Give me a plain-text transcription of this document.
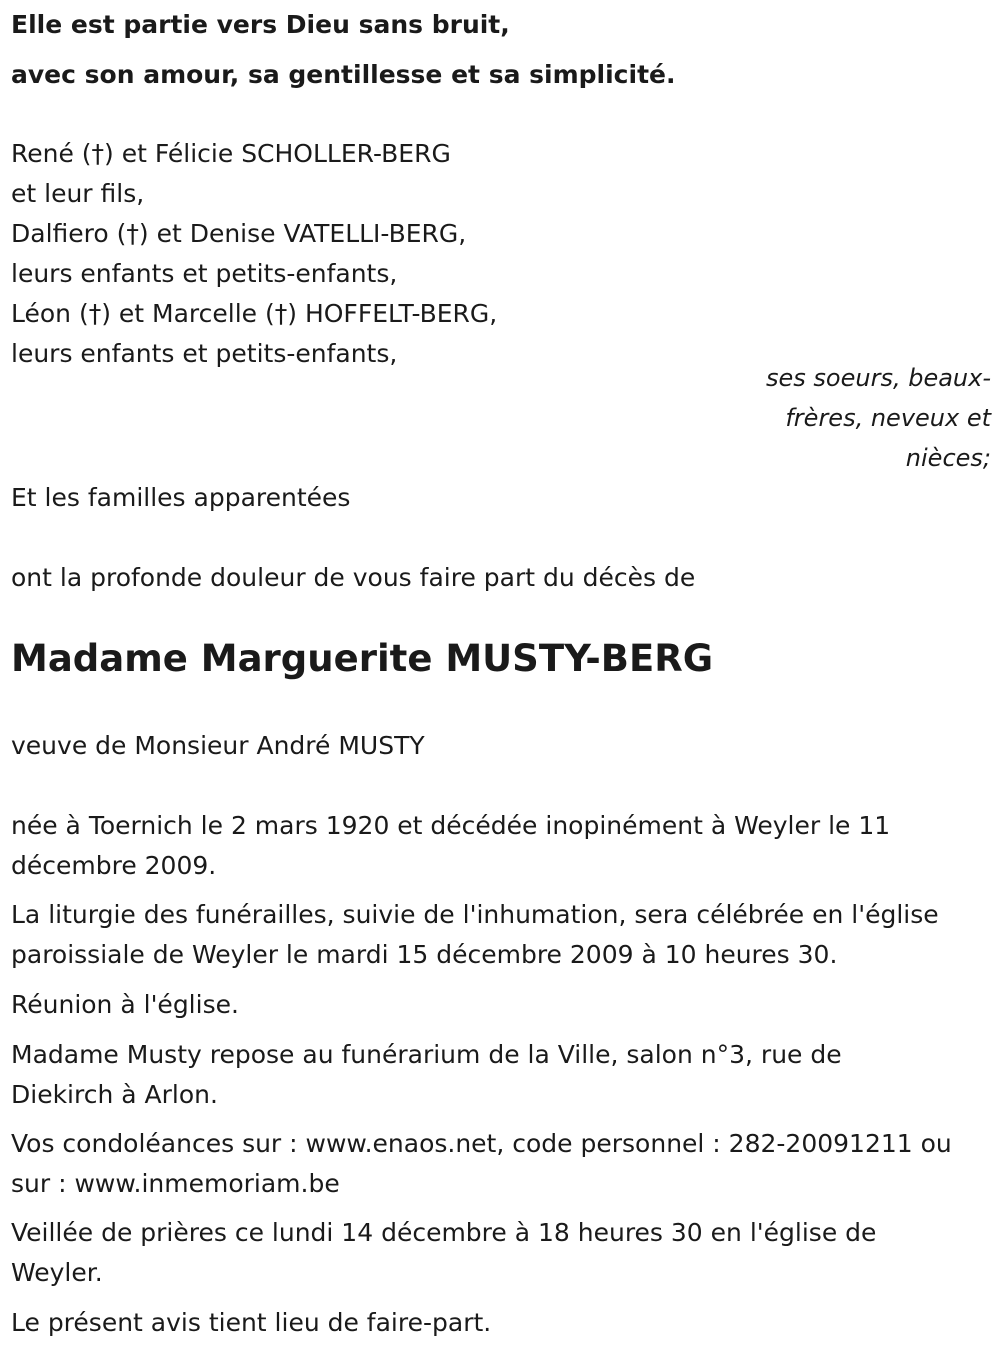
Elle est partie vers Dieu sans bruit,
avec son amour, sa gentillesse et sa simplicité.
René (†) et Félicie SCHOLLER-BERG
et leur fils,
Dalfiero (†) et Denise VATELLI-BERG,
leurs enfants et petits-enfants,
Léon (†) et Marcelle (†) HOFFELT-BERG,
leurs enfants et petits-enfants,
ses soeurs, beaux-
frères, neveux et
nièces;
Et les familles apparentées
ont la profonde douleur de vous faire part du décès de
Madame Marguerite MUSTY-BERG
veuve de Monsieur André MUSTY
née à Toernich le 2 mars 1920 et décédée inopinément à Weyler le 11
décembre 2009.
La liturgie des funérailles, suivie de l'inhumation, sera célébrée en l'église
paroissiale de Weyler le mardi 15 décembre 2009 à 10 heures 30.
Réunion à l'église.
Madame Musty repose au funérarium de la Ville, salon n°3, rue de
Diekirch à Arlon.
Vos condoléances sur : www.enaos.net, code personnel : 282-20091211 ou
sur : www.inmemoriam.be
Veillée de prières ce lundi 14 décembre à 18 heures 30 en l'église de
Weyler.
Le présent avis tient lieu de faire-part.
